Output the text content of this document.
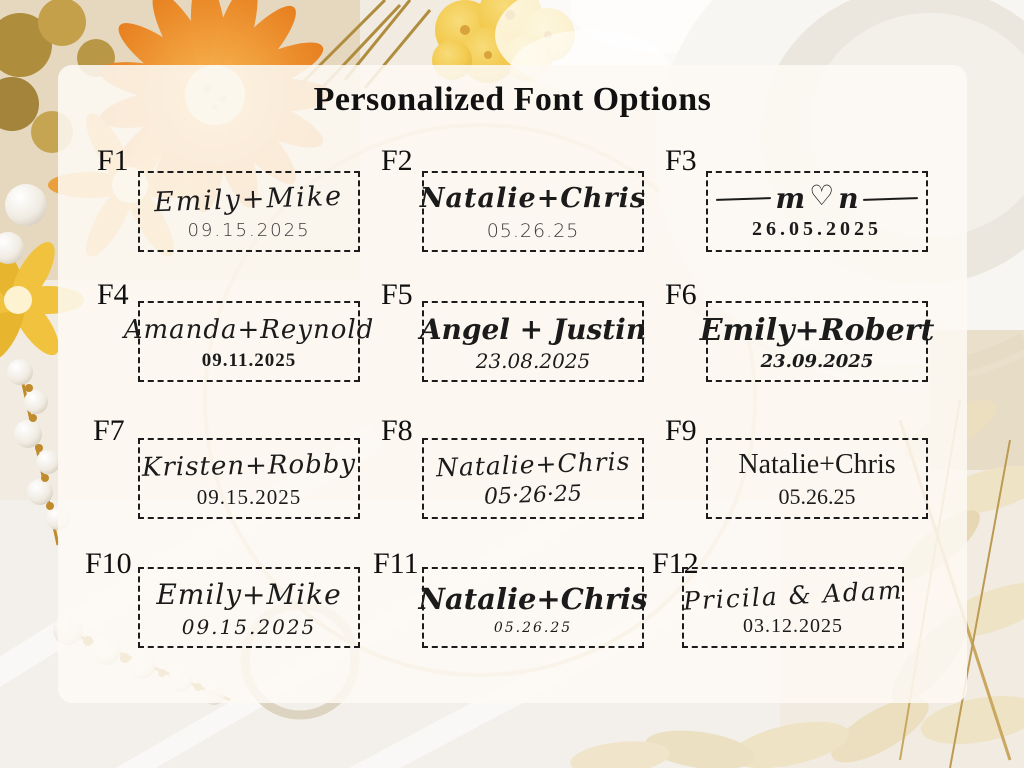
Personalized Font Options
F1
Emily+Mike
09.15.2025
F2
Natalie+Chris
05.26.25
F3
m ♡ n
26.05.2025
F4
Amanda+Reynold
09.11.2025
F5
Angel + Justin
23.08.2025
F6
Emily+Robert
23.09.2025
F7
Kristen+Robby
09.15.2025
F8
Natalie+Chris
05·26·25
F9
Natalie+Chris
05.26.25
F10
Emily+Mike
09.15.2025
F11
Natalie+Chris
05.26.25
F12
Pricila & Adam
03.12.2025
